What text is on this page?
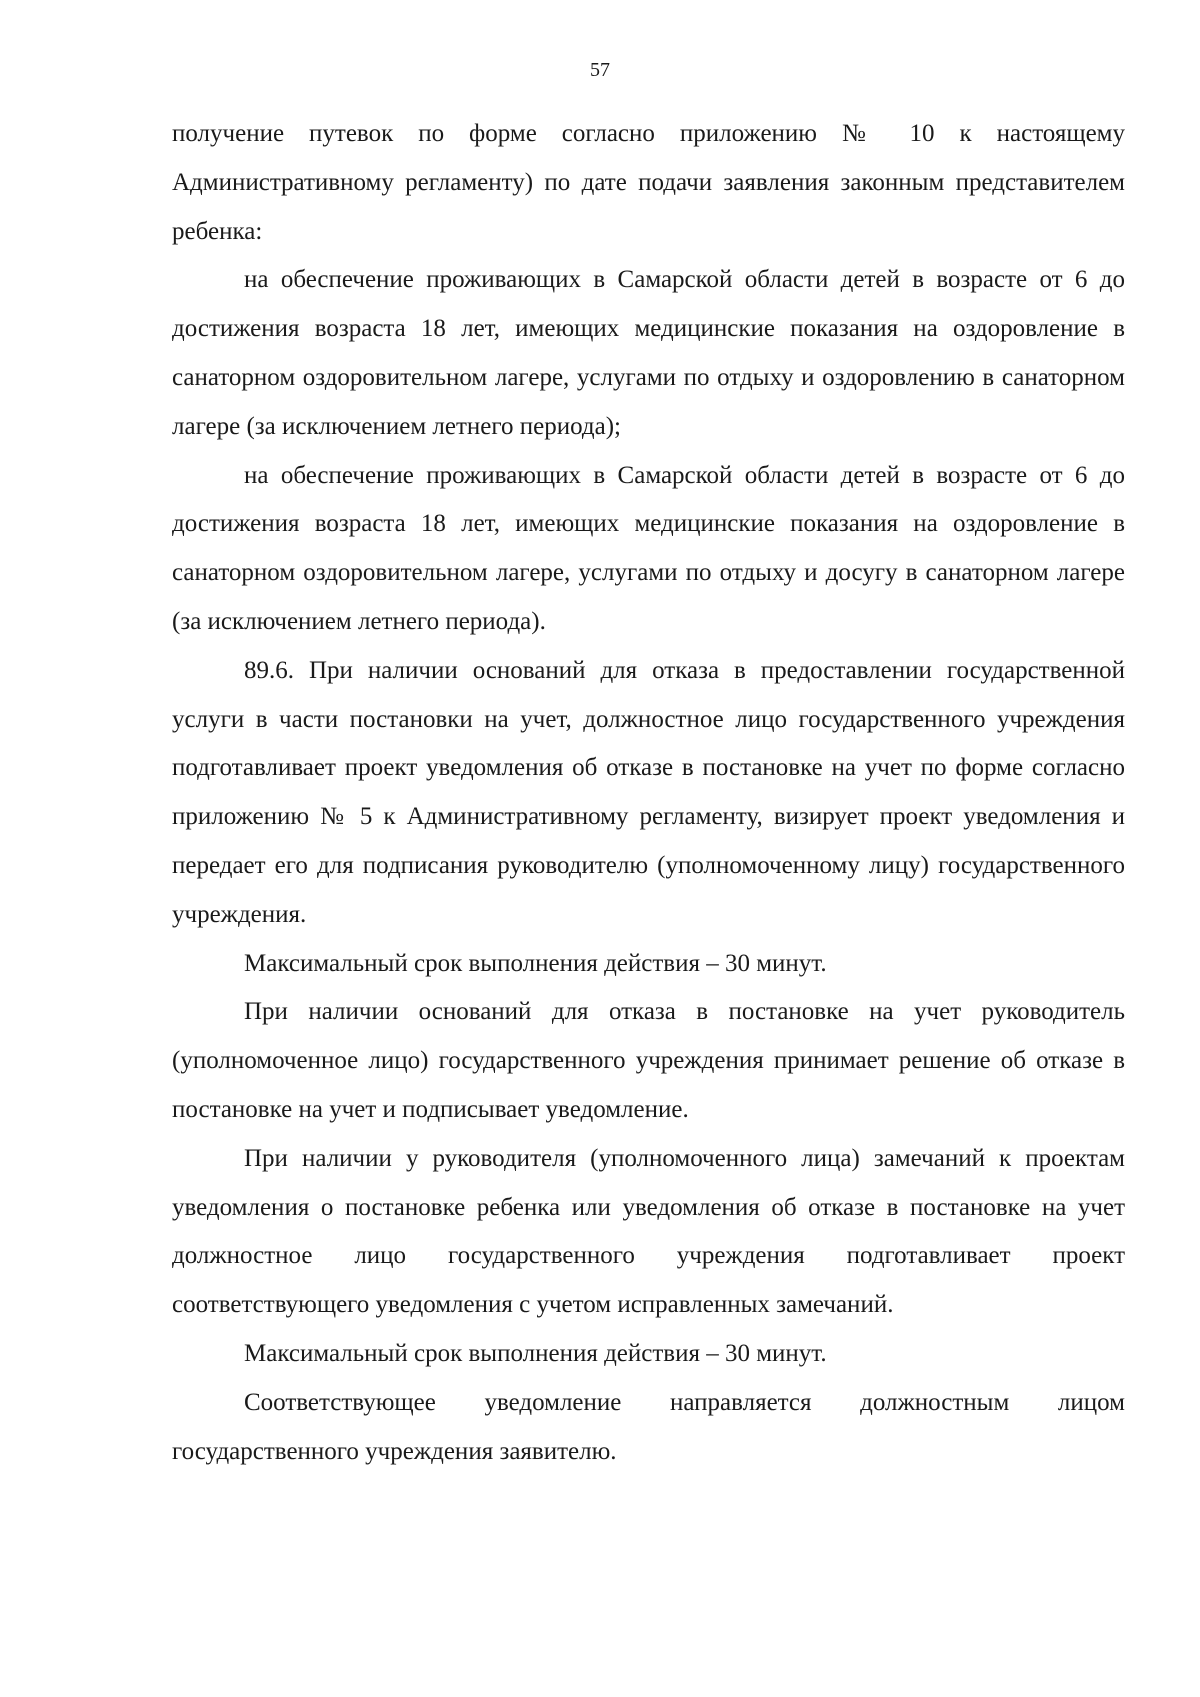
57

получение путевок по форме согласно приложению № 10 к настоящему Административному регламенту) по дате подачи заявления законным представителем ребенка:

на обеспечение проживающих в Самарской области детей в возрасте от 6 до достижения возраста 18 лет, имеющих медицинские показания на оздоровление в санаторном оздоровительном лагере, услугами по отдыху и оздоровлению в санаторном лагере (за исключением летнего периода);

на обеспечение проживающих в Самарской области детей в возрасте от 6 до достижения возраста 18 лет, имеющих медицинские показания на оздоровление в санаторном оздоровительном лагере, услугами по отдыху и досугу в санаторном лагере (за исключением летнего периода).

89.6. При наличии оснований для отказа в предоставлении государственной услуги в части постановки на учет, должностное лицо государственного учреждения подготавливает проект уведомления об отказе в постановке на учет по форме согласно приложению № 5 к Административному регламенту, визирует проект уведомления и передает его для подписания руководителю (уполномоченному лицу) государственного учреждения.

Максимальный срок выполнения действия – 30 минут.

При наличии оснований для отказа в постановке на учет руководитель (уполномоченное лицо) государственного учреждения принимает решение об отказе в постановке на учет и подписывает уведомление.

При наличии у руководителя (уполномоченного лица) замечаний к проектам уведомления о постановке ребенка или уведомления об отказе в постановке на учет должностное лицо государственного учреждения подготавливает проект соответствующего уведомления с учетом исправленных замечаний.

Максимальный срок выполнения действия – 30 минут.

Соответствующее уведомление направляется должностным лицом государственного учреждения заявителю.
